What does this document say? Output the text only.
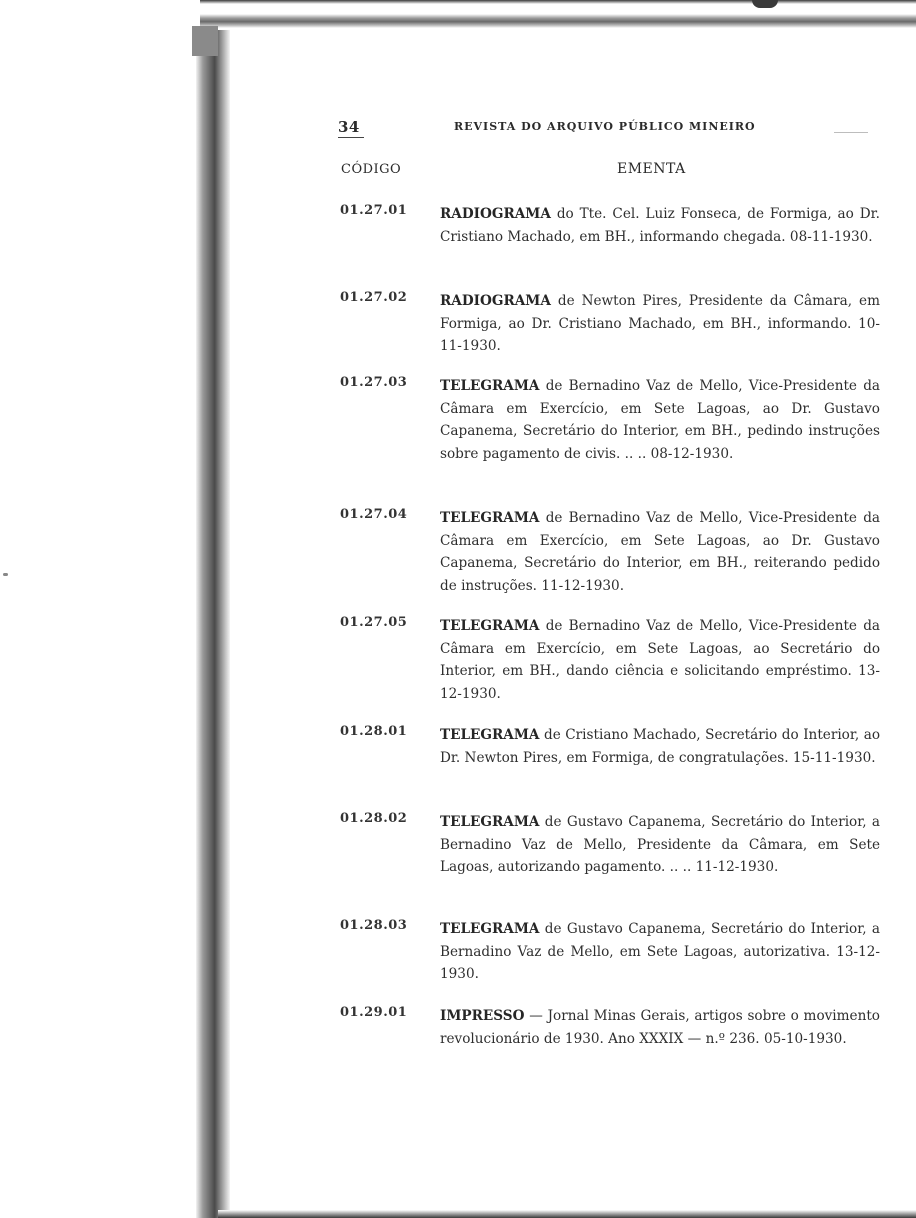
34	REVISTA DO ARQUIVO PÚBLICO MINEIRO
CÓDIGO	EMENTA
01.27.01 RADIOGRAMA do Tte. Cel. Luiz Fonseca, de Formiga, ao Dr. Cristiano Machado, em BH., informando chegada. 08-11-1930.
01.27.02 RADIOGRAMA de Newton Pires, Presidente da Câmara, em Formiga, ao Dr. Cristiano Machado, em BH., informando. 10-11-1930.
01.27.03 TELEGRAMA de Bernadino Vaz de Mello, Vice-Presidente da Câmara em Exercício, em Sete Lagoas, ao Dr. Gustavo Capanema, Secretário do Interior, em BH., pedindo instruções sobre pagamento de civis. .. .. 08-12-1930.
01.27.04 TELEGRAMA de Bernadino Vaz de Mello, Vice-Presidente da Câmara em Exercício, em Sete Lagoas, ao Dr. Gustavo Capanema, Secretário do Interior, em BH., reiterando pedido de instruções. 11-12-1930.
01.27.05 TELEGRAMA de Bernadino Vaz de Mello, Vice-Presidente da Câmara em Exercício, em Sete Lagoas, ao Secretário do Interior, em BH., dando ciência e solicitando empréstimo. 13-12-1930.
01.28.01 TELEGRAMA de Cristiano Machado, Secretário do Interior, ao Dr. Newton Pires, em Formiga, de congratulações. 15-11-1930.
01.28.02 TELEGRAMA de Gustavo Capanema, Secretário do Interior, a Bernadino Vaz de Mello, Presidente da Câmara, em Sete Lagoas, autorizando pagamento. .. .. 11-12-1930.
01.28.03 TELEGRAMA de Gustavo Capanema, Secretário do Interior, a Bernadino Vaz de Mello, em Sete Lagoas, autorizativa. 13-12-1930.
01.29.01 IMPRESSO — Jornal Minas Gerais, artigos sobre o movimento revolucionário de 1930. Ano XXXIX — n.º 236. 05-10-1930.
